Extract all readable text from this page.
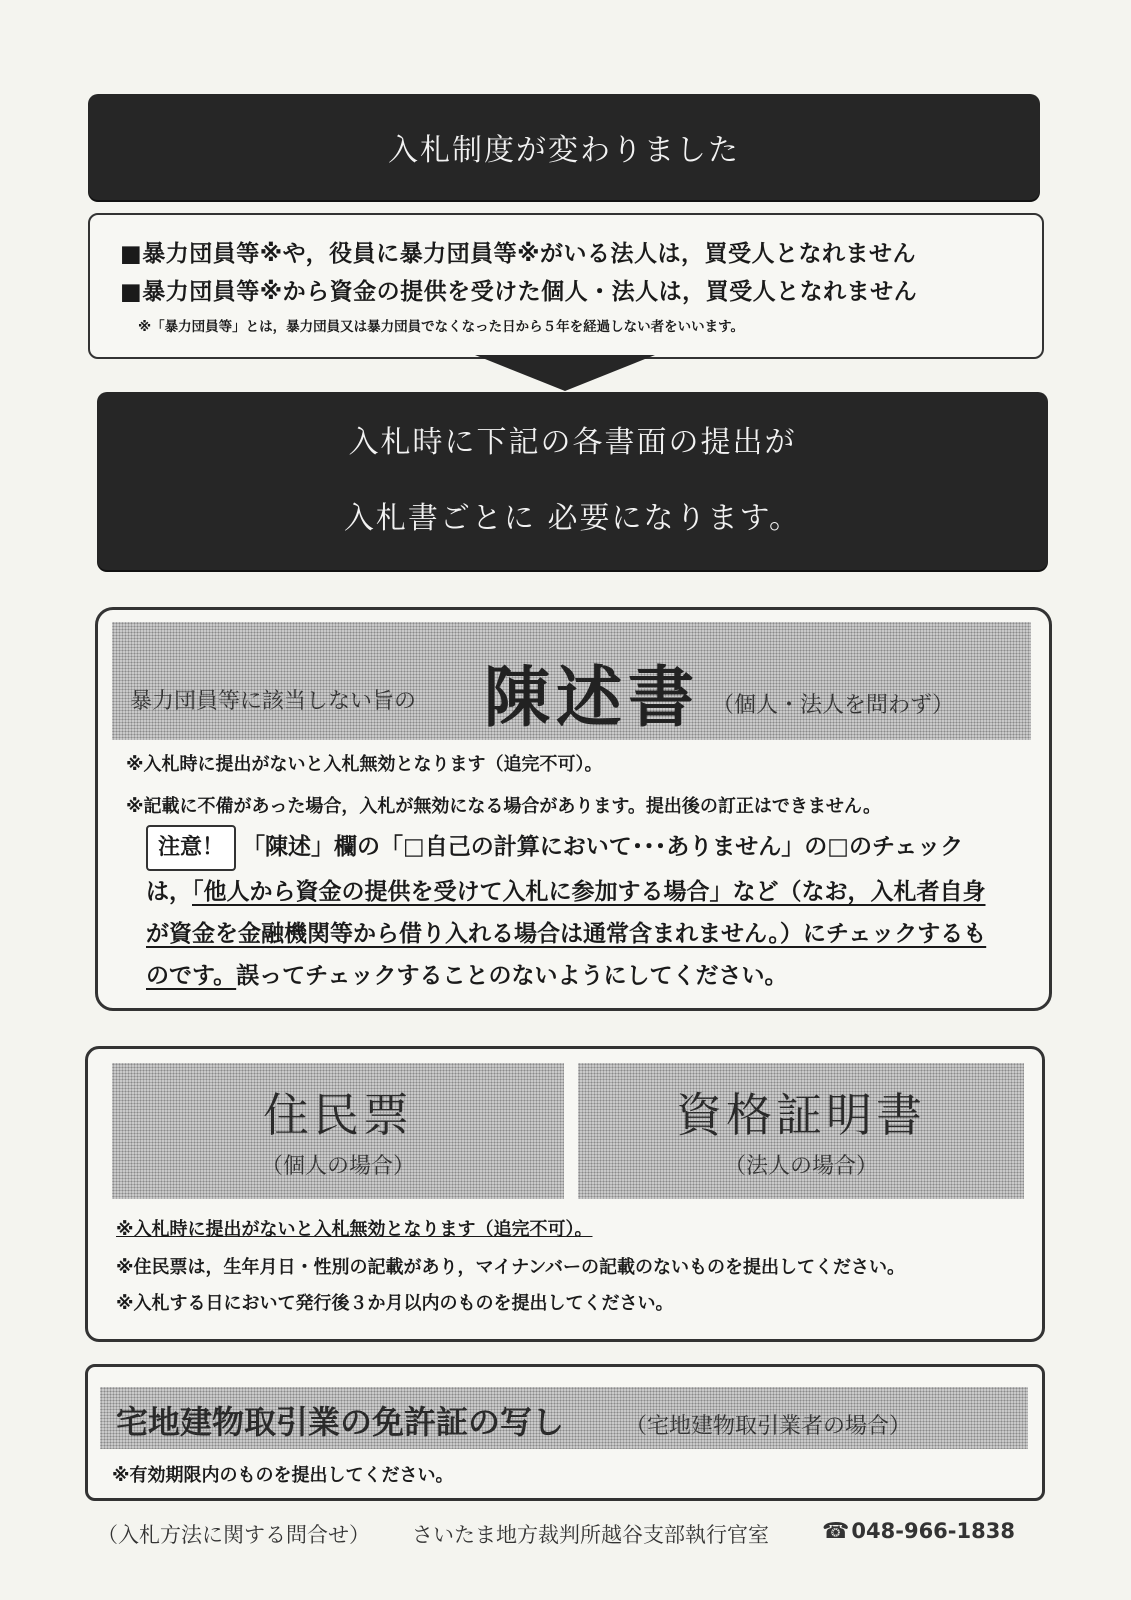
入札制度が変わりました
■暴力団員等※や，役員に暴力団員等※がいる法人は，買受人となれません
■暴力団員等※から資金の提供を受けた個人・法人は，買受人となれません
※「暴力団員等」とは，暴力団員又は暴力団員でなくなった日から５年を経過しない者をいいます。
入札時に下記の各書面の提出が
入札書ごとに 必要になります。
暴力団員等に該当しない旨の 陳述書 （個人・法人を問わず）
※入札時に提出がないと入札無効となります（追完不可）。
※記載に不備があった場合，入札が無効になる場合があります。提出後の訂正はできません。
注意！ 「陳述」欄の「□自己の計算において･･･ありません」の□のチェックは，「他人から資金の提供を受けて入札に参加する場合」など（なお，入札者自身が資金を金融機関等から借り入れる場合は通常含まれません。）にチェックするものです。誤ってチェックすることのないようにしてください。
住民票
（個人の場合）
資格証明書
（法人の場合）
※入札時に提出がないと入札無効となります（追完不可）。
※住民票は，生年月日・性別の記載があり，マイナンバーの記載のないものを提出してください。
※入札する日において発行後３か月以内のものを提出してください。
宅地建物取引業の免許証の写し	（宅地建物取引業者の場合）
※有効期限内のものを提出してください。
（入札方法に関する問合せ） さいたま地方裁判所越谷支部執行官室 ☎048-966-1838
